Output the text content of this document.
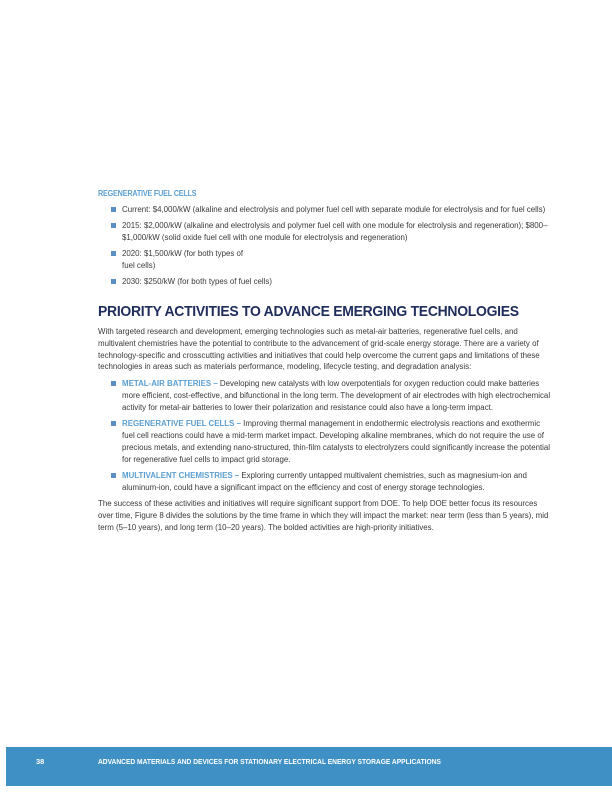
REGENERATIVE FUEL CELLS
Current: $4,000/kW (alkaline and electrolysis and polymer fuel cell with separate module for electrolysis and for fuel cells)
2015: $2,000/kW (alkaline and electrolysis and polymer fuel cell with one module for electrolysis and regeneration); $800–$1,000/kW (solid oxide fuel cell with one module for electrolysis and regeneration)
2020: $1,500/kW (for both types of fuel cells)
2030: $250/kW (for both types of fuel cells)
PRIORITY ACTIVITIES TO ADVANCE EMERGING TECHNOLOGIES

With targeted research and development, emerging technologies such as metal-air batteries, regenerative fuel cells, and multivalent chemistries have the potential to contribute to the advancement of grid-scale energy storage. There are a variety of technology-specific and crosscutting activities and initiatives that could help overcome the current gaps and limitations of these technologies in areas such as materials performance, modeling, lifecycle testing, and degradation analysis:

METAL-AIR BATTERIES – Developing new catalysts with low overpotentials for oxygen reduction could make batteries more efficient, cost-effective, and bifunctional in the long term. The development of air electrodes with high electrochemical activity for metal-air batteries to lower their polarization and resistance could also have a long-term impact.
REGENERATIVE FUEL CELLS – Improving thermal management in endothermic electrolysis reactions and exothermic fuel cell reactions could have a mid-term market impact. Developing alkaline membranes, which do not require the use of precious metals, and extending nano-structured, thin-film catalysts to electrolyzers could significantly increase the potential for regenerative fuel cells to impact grid storage.
MULTIVALENT CHEMISTRIES – Exploring currently untapped multivalent chemistries, such as magnesium-ion and aluminum-ion, could have a significant impact on the efficiency and cost of energy storage technologies.

The success of these activities and initiatives will require significant support from DOE. To help DOE better focus its resources over time, Figure 8 divides the solutions by the time frame in which they will impact the market: near term (less than 5 years), mid term (5–10 years), and long term (10–20 years). The bolded activities are high-priority initiatives.

38	ADVANCED MATERIALS AND DEVICES FOR STATIONARY ELECTRICAL ENERGY STORAGE APPLICATIONS
